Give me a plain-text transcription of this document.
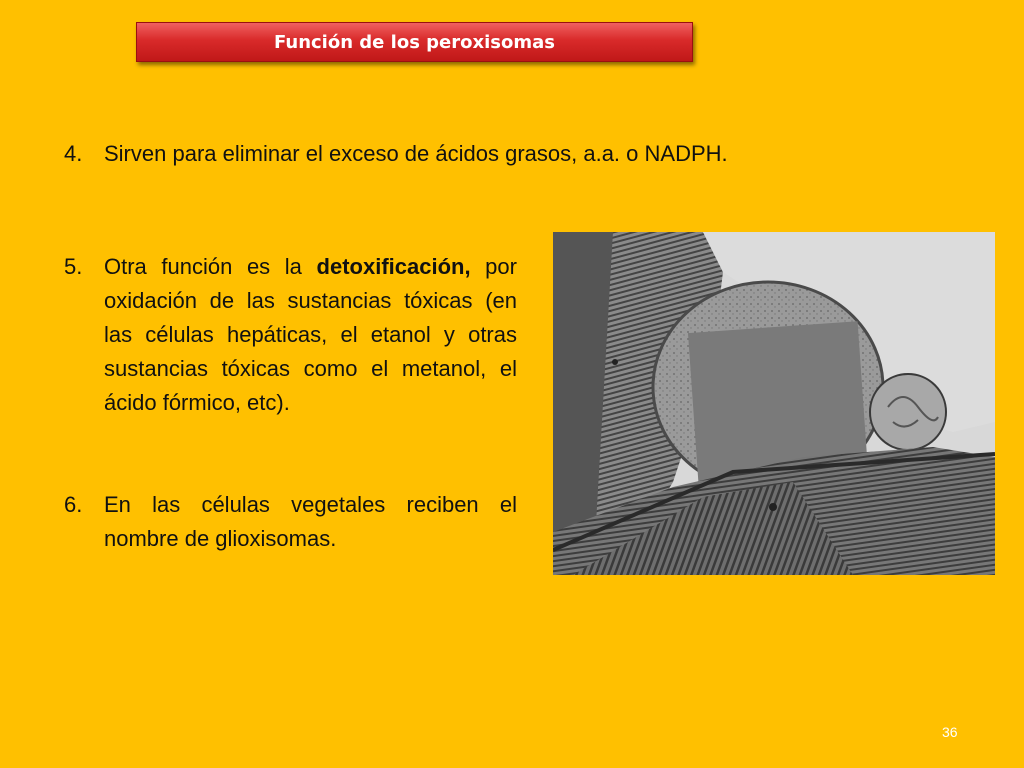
Función de los peroxisomas
4. Sirven para eliminar el exceso de ácidos grasos, a.a. o NADPH.
5. Otra función es la detoxificación, por oxidación de las sustancias tóxicas (en las células hepáticas, el etanol y otras sustancias tóxicas como el metanol, el ácido fórmico, etc).
6. En las células vegetales reciben el nombre de glioxisomas.
36
